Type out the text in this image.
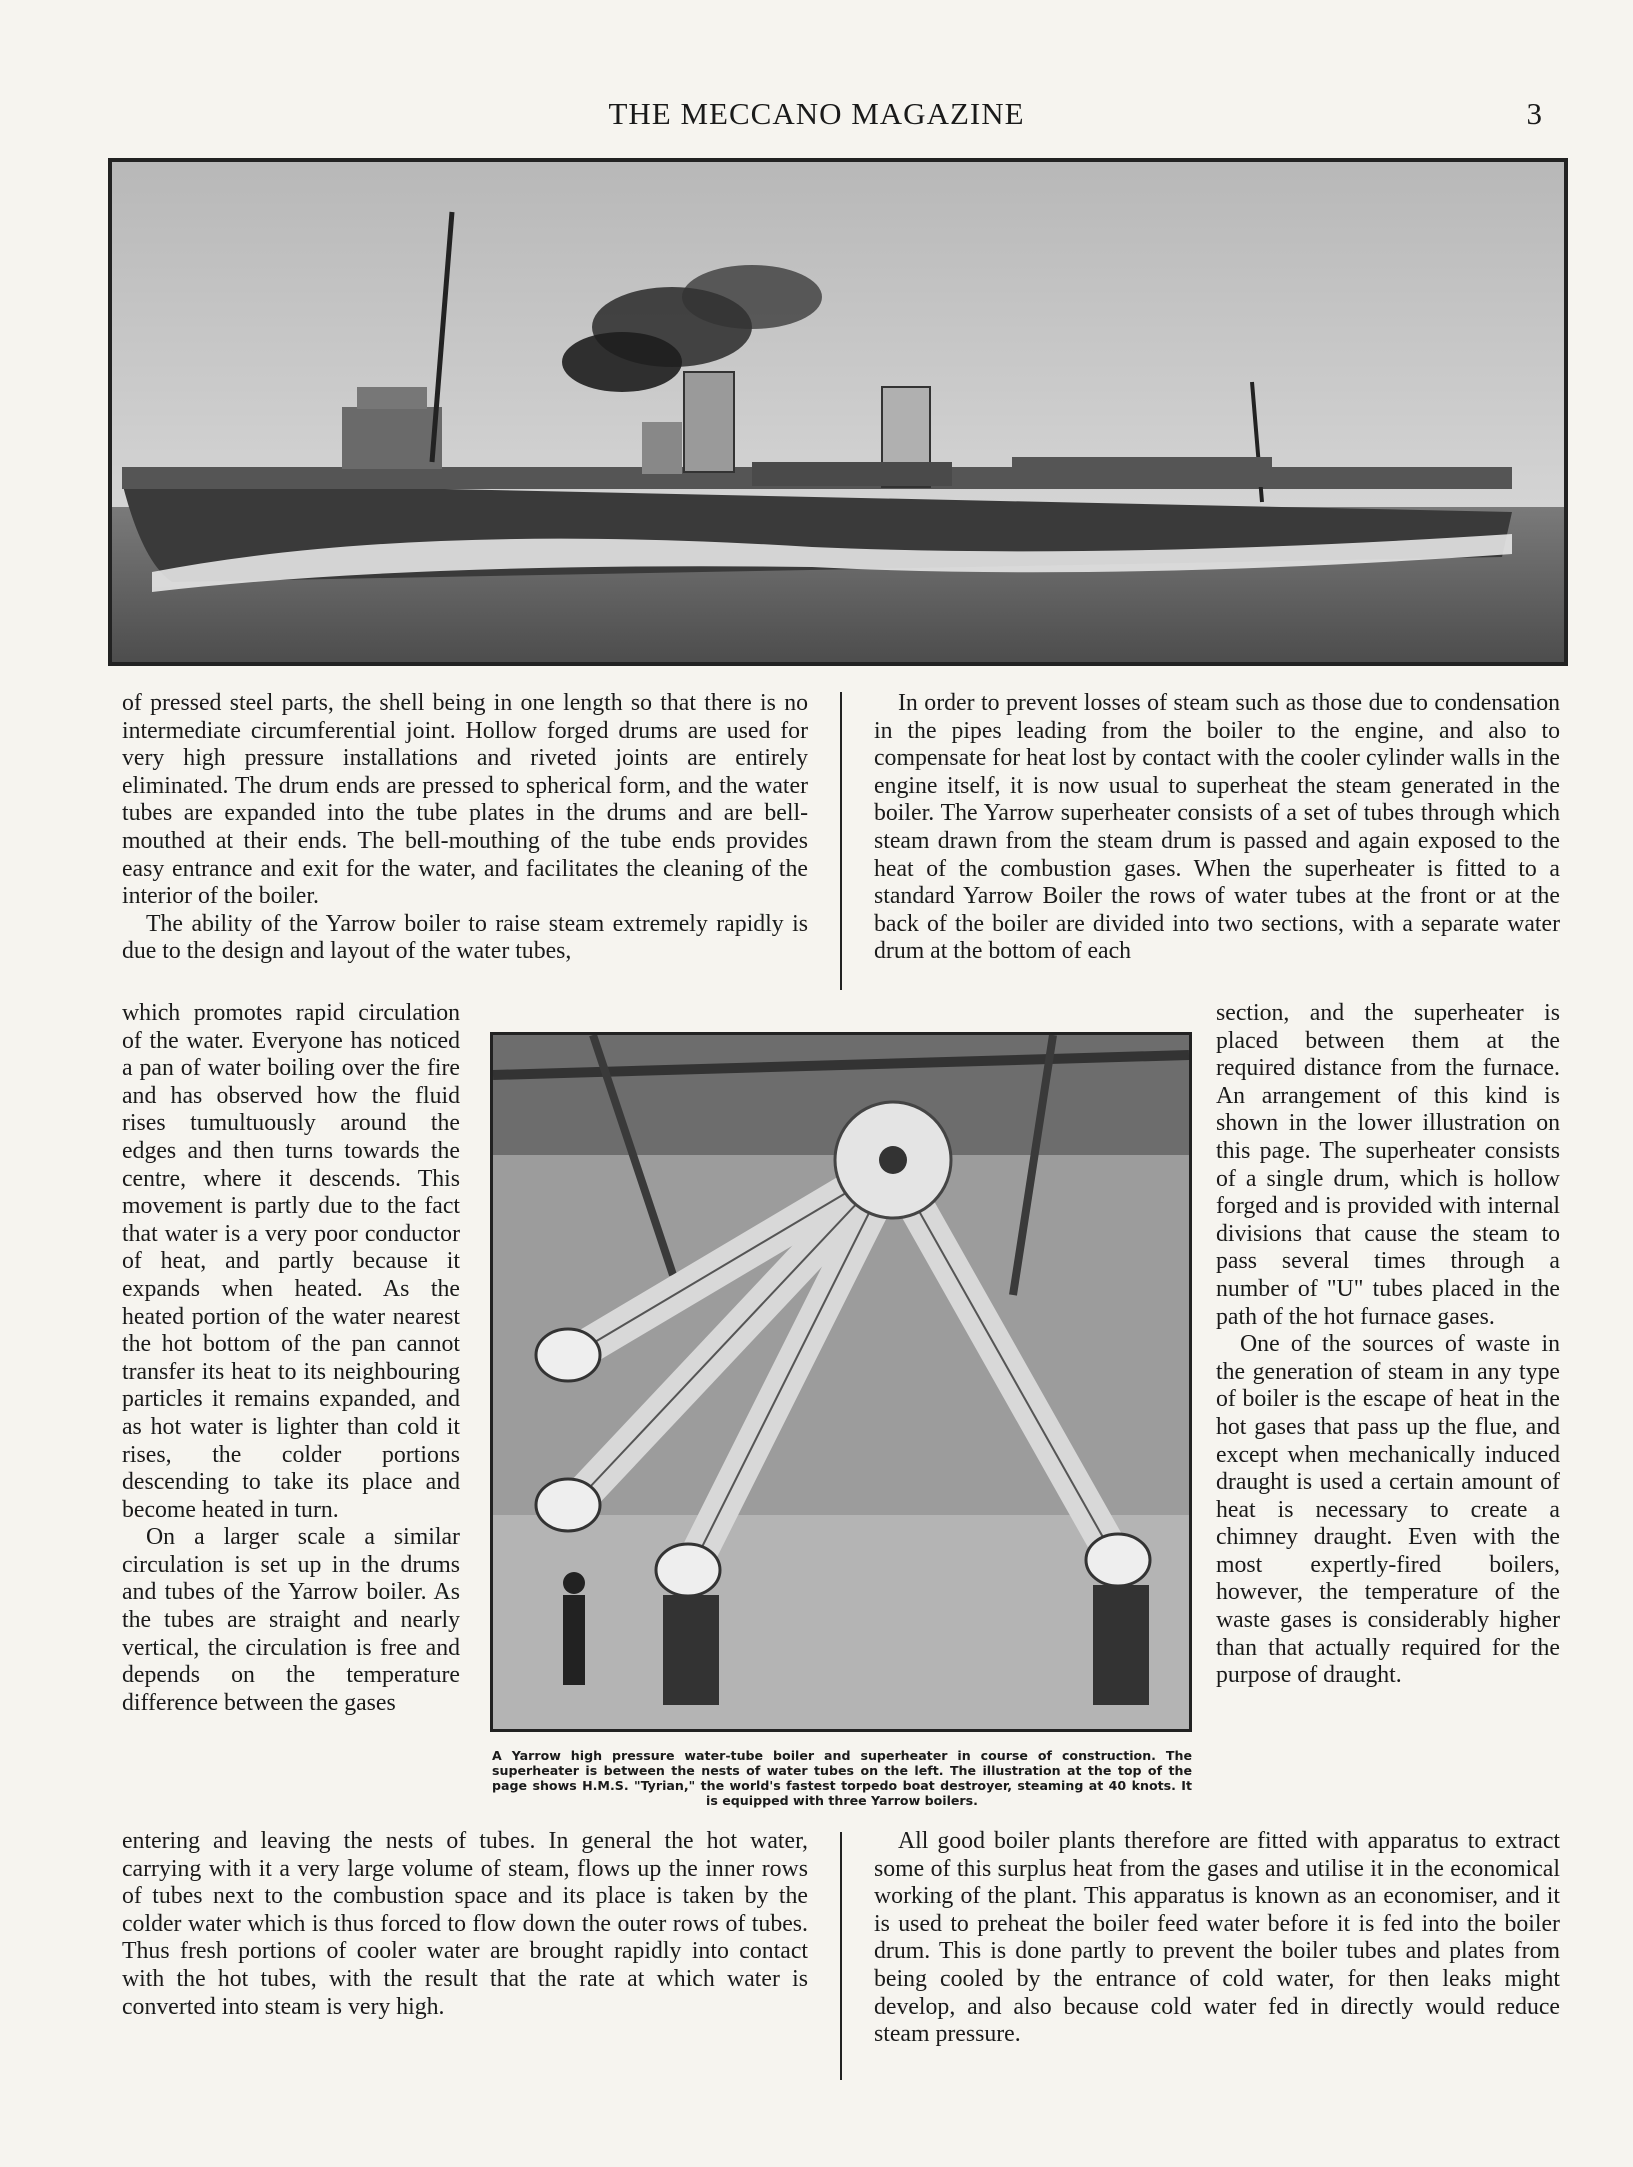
THE MECCANO MAGAZINE	3

of pressed steel parts, the shell being in one length so that there is no intermediate circumferential joint. Hollow forged drums are used for very high pressure installations and riveted joints are entirely eliminated. The drum ends are pressed to spherical form, and the water tubes are expanded into the tube plates in the drums and are bell-mouthed at their ends. The bell-mouthing of the tube ends provides easy entrance and exit for the water, and facilitates the cleaning of the interior of the boiler.

The ability of the Yarrow boiler to raise steam extremely rapidly is due to the design and layout of the water tubes,

In order to prevent losses of steam such as those due to condensation in the pipes leading from the boiler to the engine, and also to compensate for heat lost by contact with the cooler cylinder walls in the engine itself, it is now usual to superheat the steam generated in the boiler. The Yarrow superheater consists of a set of tubes through which steam drawn from the steam drum is passed and again exposed to the heat of the combustion gases. When the superheater is fitted to a standard Yarrow Boiler the rows of water tubes at the front or at the back of the boiler are divided into two sections, with a separate water drum at the bottom of each

which promotes rapid circulation of the water. Everyone has noticed a pan of water boiling over the fire and has observed how the fluid rises tumultuously around the edges and then turns towards the centre, where it descends. This movement is partly due to the fact that water is a very poor conductor of heat, and partly because it expands when heated. As the heated portion of the water nearest the hot bottom of the pan cannot transfer its heat to its neighbouring particles it remains expanded, and as hot water is lighter than cold it rises, the colder portions descending to take its place and become heated in turn.

On a larger scale a similar circulation is set up in the drums and tubes of the Yarrow boiler. As the tubes are straight and nearly vertical, the circulation is free and depends on the temperature difference between the gases

section, and the superheater is placed between them at the required distance from the furnace. An arrangement of this kind is shown in the lower illustration on this page. The superheater consists of a single drum, which is hollow forged and is provided with internal divisions that cause the steam to pass several times through a number of "U" tubes placed in the path of the hot furnace gases.

One of the sources of waste in the generation of steam in any type of boiler is the escape of heat in the hot gases that pass up the flue, and except when mechanically induced draught is used a certain amount of heat is necessary to create a chimney draught. Even with the most expertly-fired boilers, however, the temperature of the waste gases is considerably higher than that actually required for the purpose of draught.

A Yarrow high pressure water-tube boiler and superheater in course of construction. The superheater is between the nests of water tubes on the left. The illustration at the top of the page shows H.M.S. "Tyrian," the world's fastest torpedo boat destroyer, steaming at 40 knots. It is equipped with three Yarrow boilers.

entering and leaving the nests of tubes. In general the hot water, carrying with it a very large volume of steam, flows up the inner rows of tubes next to the combustion space and its place is taken by the colder water which is thus forced to flow down the outer rows of tubes. Thus fresh portions of cooler water are brought rapidly into contact with the hot tubes, with the result that the rate at which water is converted into steam is very high.

All good boiler plants therefore are fitted with apparatus to extract some of this surplus heat from the gases and utilise it in the economical working of the plant. This apparatus is known as an economiser, and it is used to preheat the boiler feed water before it is fed into the boiler drum. This is done partly to prevent the boiler tubes and plates from being cooled by the entrance of cold water, for then leaks might develop, and also because cold water fed in directly would reduce steam pressure.
